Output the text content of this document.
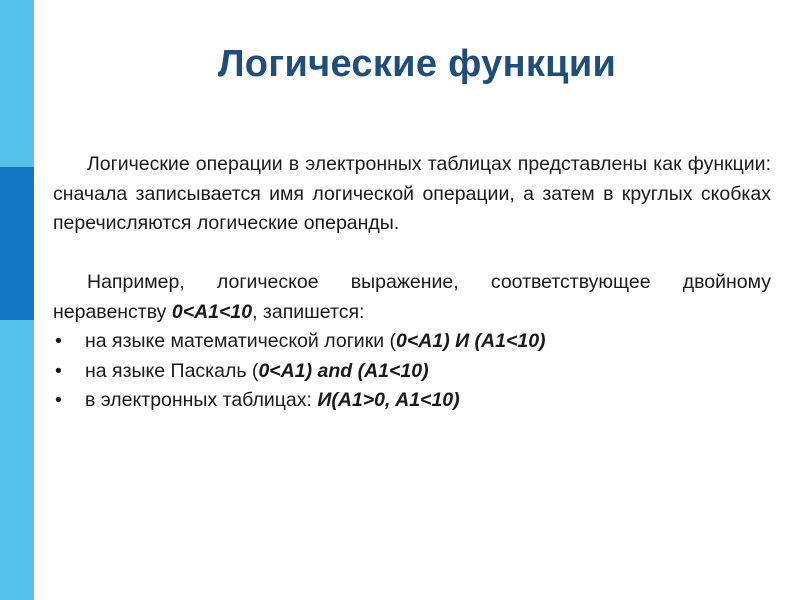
Логические функции

Логические операции в электронных таблицах представлены как функции: сначала записывается имя логической операции, а затем в круглых скобках перечисляются логические операнды.

Например, логическое выражение, соответствующее двойному неравенству 0<A1<10, запишется:

• на языке математической логики (0<A1) И (A1<10)
• на языке Паскаль (0<A1) and (A1<10)
• в электронных таблицах: И(A1>0, A1<10)
